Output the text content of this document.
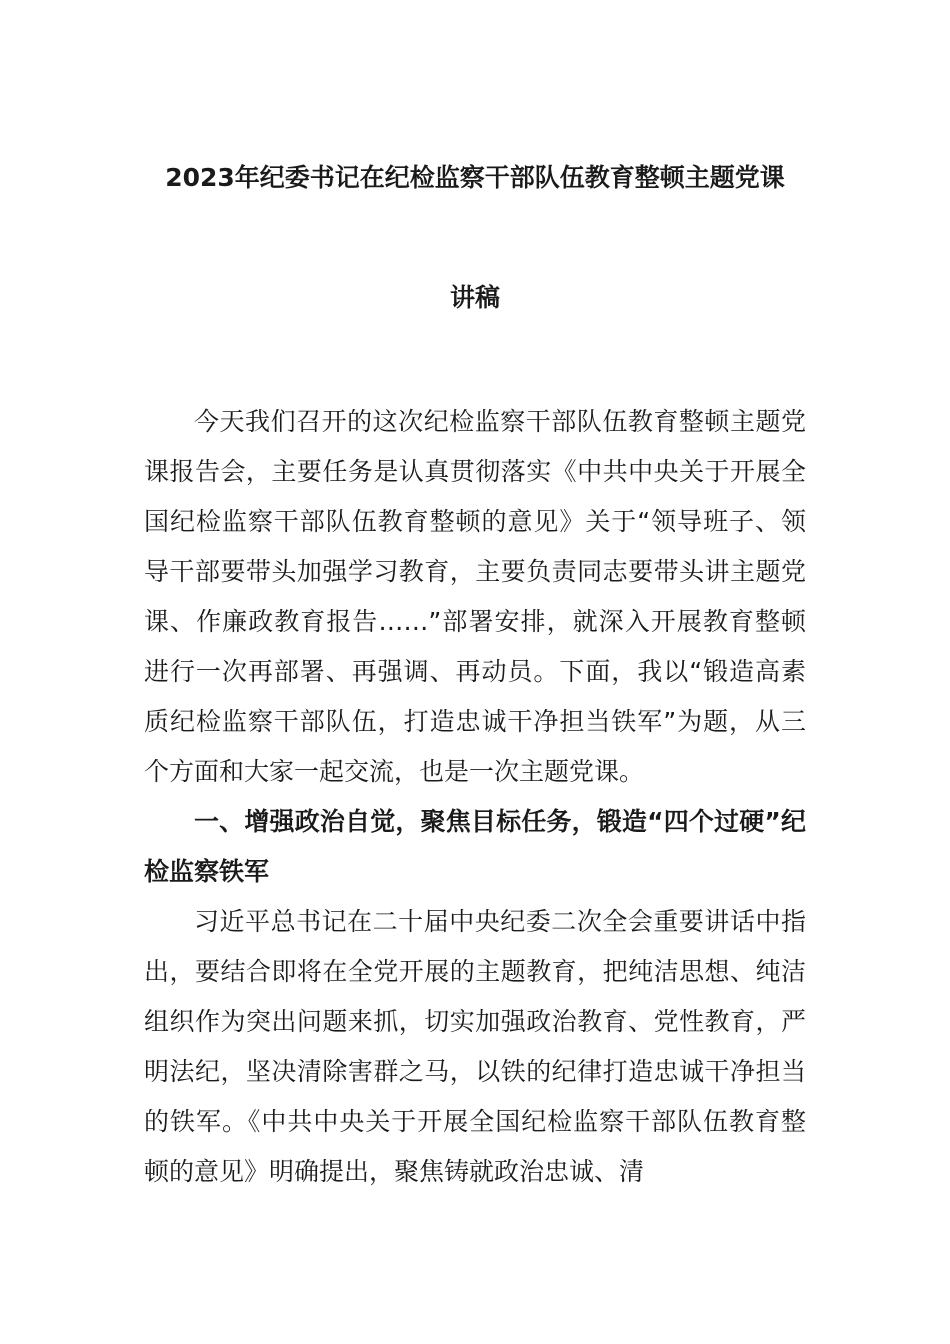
2023年纪委书记在纪检监察干部队伍教育整顿主题党课
讲稿

今天我们召开的这次纪检监察干部队伍教育整顿主题党课报告会，主要任务是认真贯彻落实《中共中央关于开展全国纪检监察干部队伍教育整顿的意见》关于“领导班子、领导干部要带头加强学习教育，主要负责同志要带头讲主题党课、作廉政教育报告……”部署安排，就深入开展教育整顿进行一次再部署、再强调、再动员。下面，我以“锻造高素质纪检监察干部队伍，打造忠诚干净担当铁军”为题，从三个方面和大家一起交流，也是一次主题党课。

一、增强政治自觉，聚焦目标任务，锻造“四个过硬”纪检监察铁军

习近平总书记在二十届中央纪委二次全会重要讲话中指出，要结合即将在全党开展的主题教育，把纯洁思想、纯洁组织作为突出问题来抓，切实加强政治教育、党性教育，严明法纪，坚决清除害群之马，以铁的纪律打造忠诚干净担当的铁军。《中共中央关于开展全国纪检监察干部队伍教育整顿的意见》明确提出，聚焦铸就政治忠诚、清
